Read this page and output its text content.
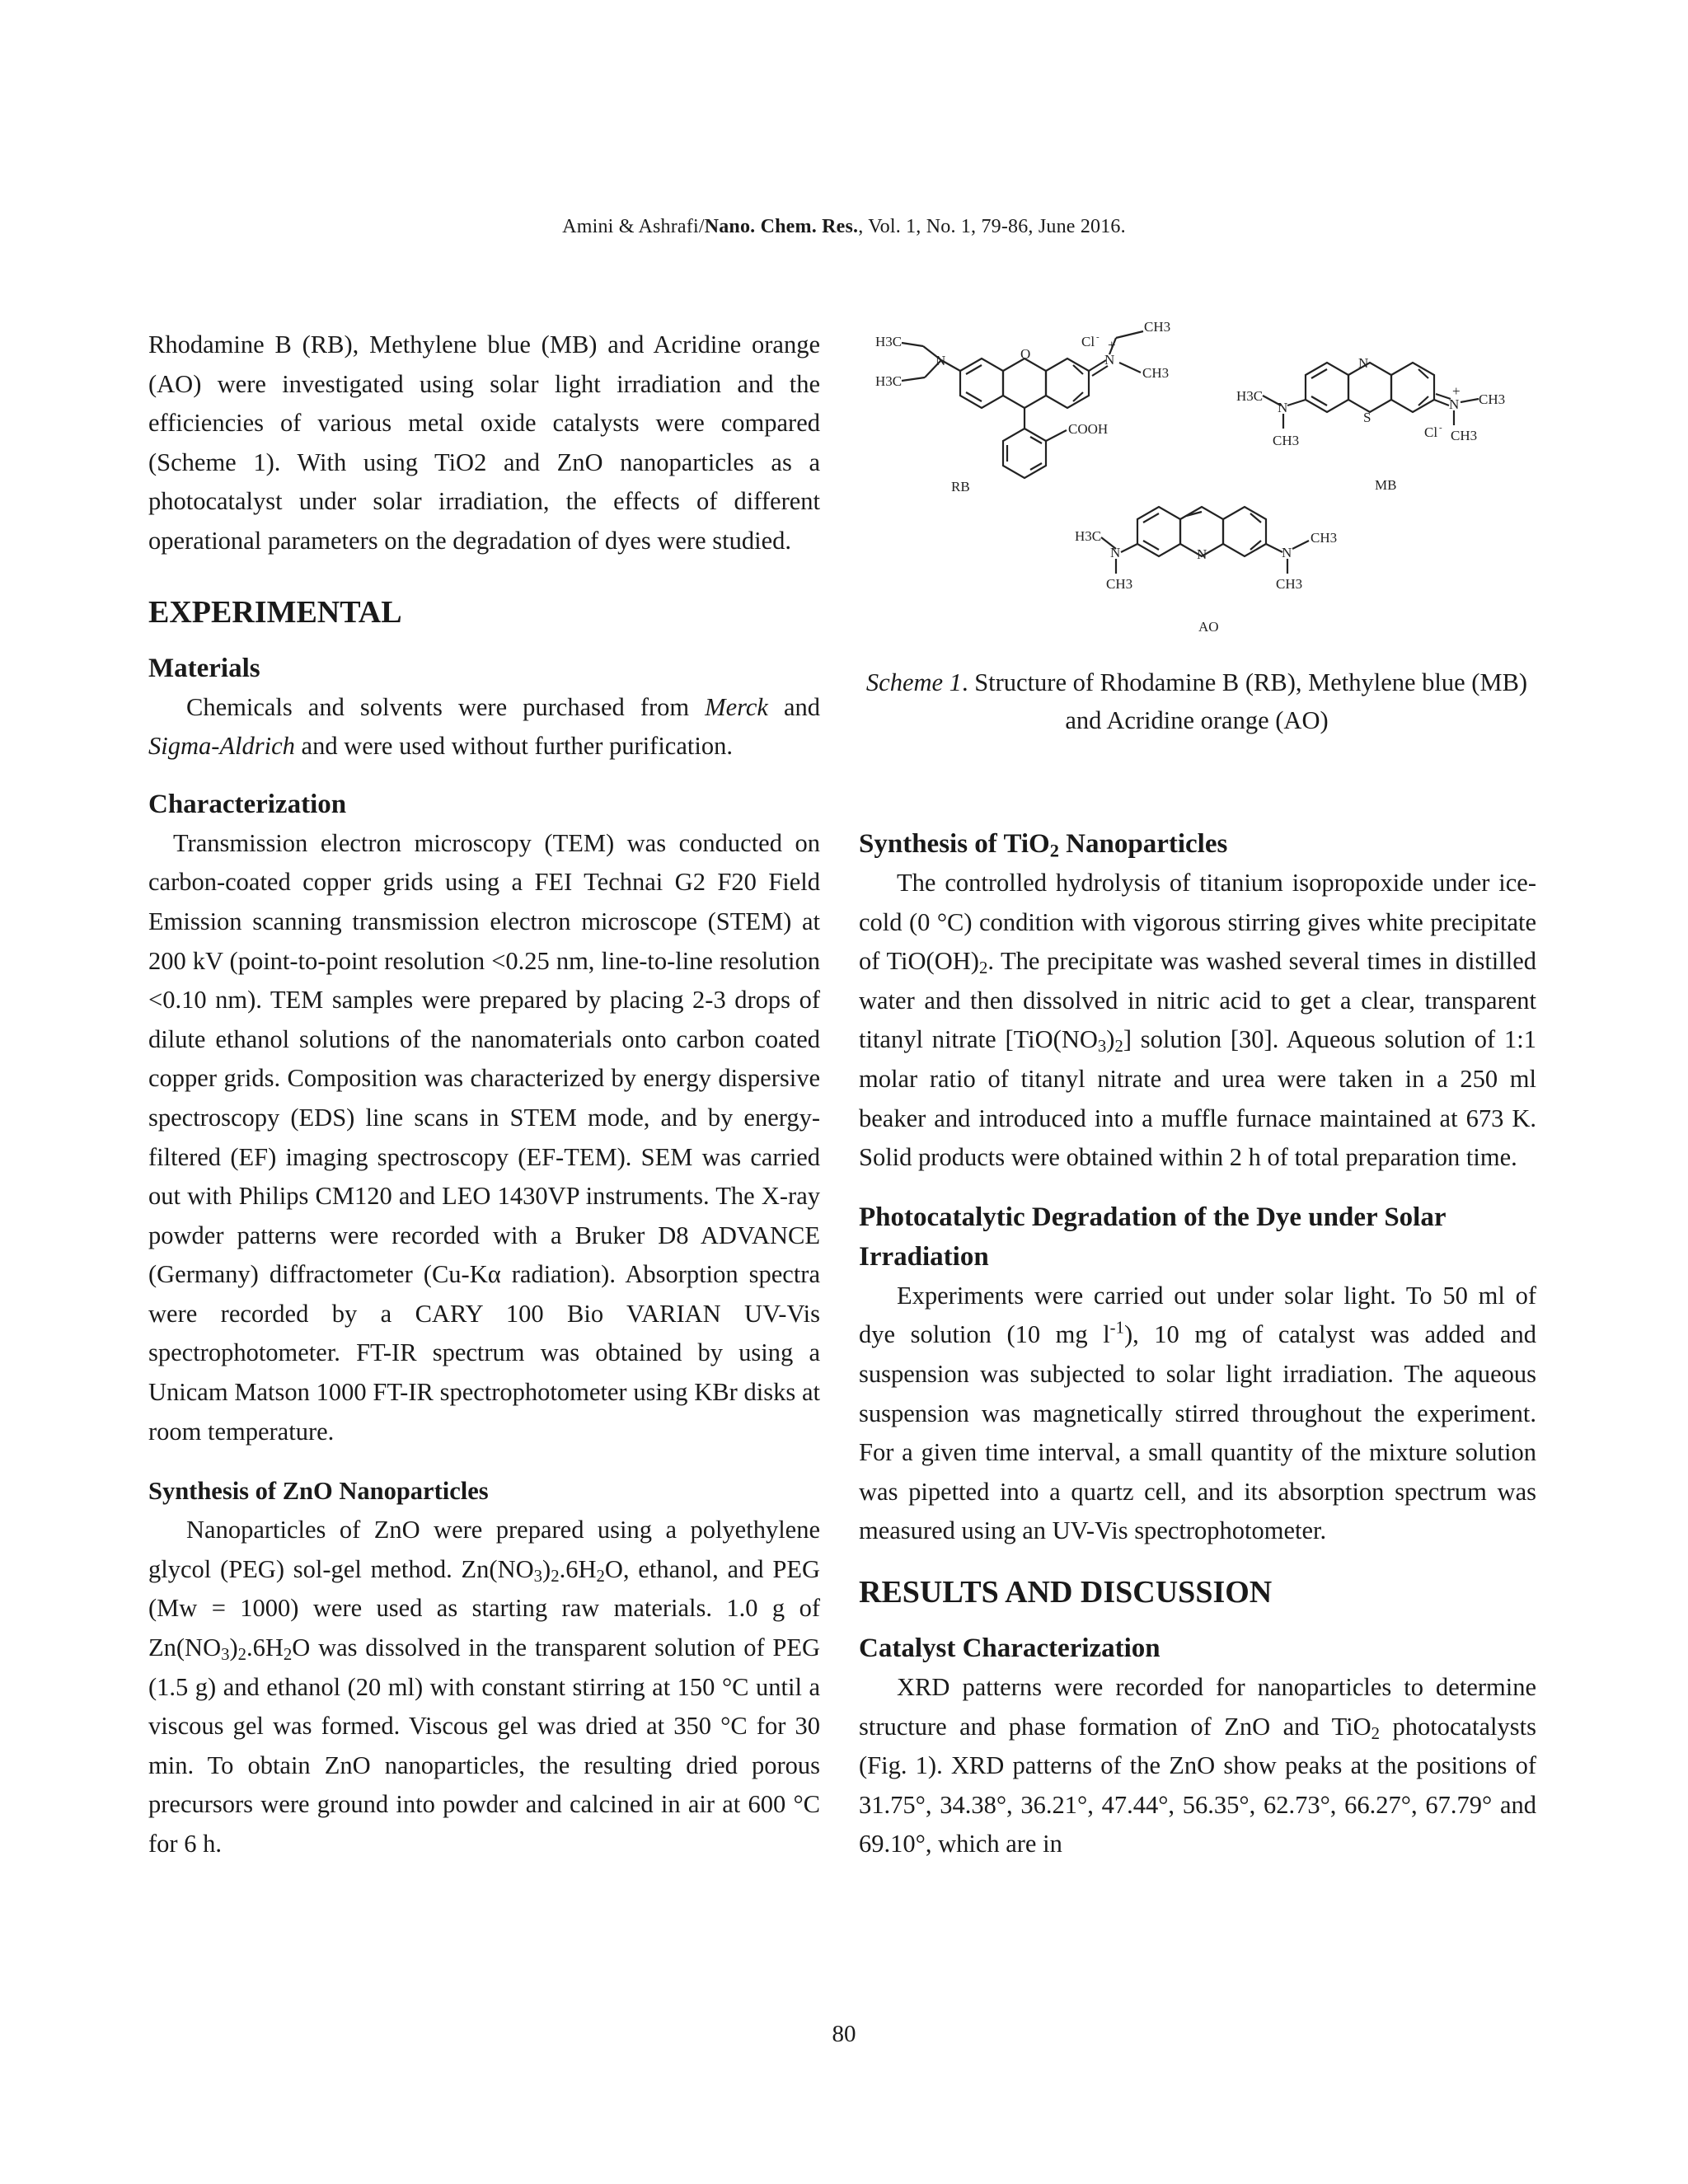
Amini & Ashrafi/Nano. Chem. Res., Vol. 1, No. 1, 79-86, June 2016.

Rhodamine B (RB), Methylene blue (MB) and Acridine orange (AO) were investigated using solar light irradiation and the efficiencies of various metal oxide catalysts were compared (Scheme 1). With using TiO2 and ZnO nanoparticles as a photocatalyst under solar irradiation, the effects of different operational parameters on the degradation of dyes were studied.

EXPERIMENTAL
Materials

Chemicals and solvents were purchased from Merck and Sigma-Aldrich and were used without further purification.

Characterization

Transmission electron microscopy (TEM) was conducted on carbon-coated copper grids using a FEI Technai G2 F20 Field Emission scanning transmission electron microscope (STEM) at 200 kV (point-to-point resolution <0.25 nm, line-to-line resolution <0.10 nm). TEM samples were prepared by placing 2-3 drops of dilute ethanol solutions of the nanomaterials onto carbon coated copper grids. Composition was characterized by energy dispersive spectroscopy (EDS) line scans in STEM mode, and by energy-filtered (EF) imaging spectroscopy (EF-TEM). SEM was carried out with Philips CM120 and LEO 1430VP instruments. The X-ray powder patterns were recorded with a Bruker D8 ADVANCE (Germany) diffractometer (Cu-Kα radiation). Absorption spectra were recorded by a CARY 100 Bio VARIAN UV-Vis spectrophotometer. FT-IR spectrum was obtained by using a Unicam Matson 1000 FT-IR spectrophotometer using KBr disks at room temperature.

Synthesis of ZnO Nanoparticles

Nanoparticles of ZnO were prepared using a polyethylene glycol (PEG) sol-gel method. $Zn(NO_3)_2.6H_2O$, ethanol, and PEG (Mw = 1000) were used as starting raw materials. 1.0 g of $Zn(NO_3)_2.6H_2O$ was dissolved in the transparent solution of PEG (1.5 g) and ethanol (20 ml) with constant stirring at 150 °C until a viscous gel was formed. Viscous gel was dried at 350 °C for 30 min. To obtain ZnO nanoparticles, the resulting dried porous precursors were ground into powder and calcined in air at 600 °C for 6 h.

H3C
H3C
N	O	N
+
Cl -
CH3
CH3
COOH
RB
N
S
H3C
N
CH3
N
+
CH3
Cl - CH3
MB
N
H3C
N
CH3
N
CH3
CH3
AO
Scheme 1. Structure of Rhodamine B (RB), Methylene blue (MB) and Acridine orange (AO)
Synthesis of TiO$_2$ Nanoparticles

The controlled hydrolysis of titanium isopropoxide under ice-cold (0 °C) condition with vigorous stirring gives white precipitate of $TiO(OH)_2$. The precipitate was washed several times in distilled water and then dissolved in nitric acid to get a clear, transparent titanyl nitrate $[TiO(NO_3)_2]$ solution [30]. Aqueous solution of 1:1 molar ratio of titanyl nitrate and urea were taken in a 250 ml beaker and introduced into a muffle furnace maintained at 673 K. Solid products were obtained within 2 h of total preparation time.

Photocatalytic Degradation of the Dye under Solar Irradiation

Experiments were carried out under solar light. To 50 ml of dye solution (10 mg $l^{-1}$), 10 mg of catalyst was added and suspension was subjected to solar light irradiation. The aqueous suspension was magnetically stirred throughout the experiment. For a given time interval, a small quantity of the mixture solution was pipetted into a quartz cell, and its absorption spectrum was measured using an UV-Vis spectrophotometer.

RESULTS AND DISCUSSION
Catalyst Characterization

XRD patterns were recorded for nanoparticles to determine structure and phase formation of ZnO and TiO$_2$ photocatalysts (Fig. 1). XRD patterns of the ZnO show peaks at the positions of 31.75°, 34.38°, 36.21°, 47.44°, 56.35°, 62.73°, 66.27°, 67.79° and 69.10°, which are in

80
